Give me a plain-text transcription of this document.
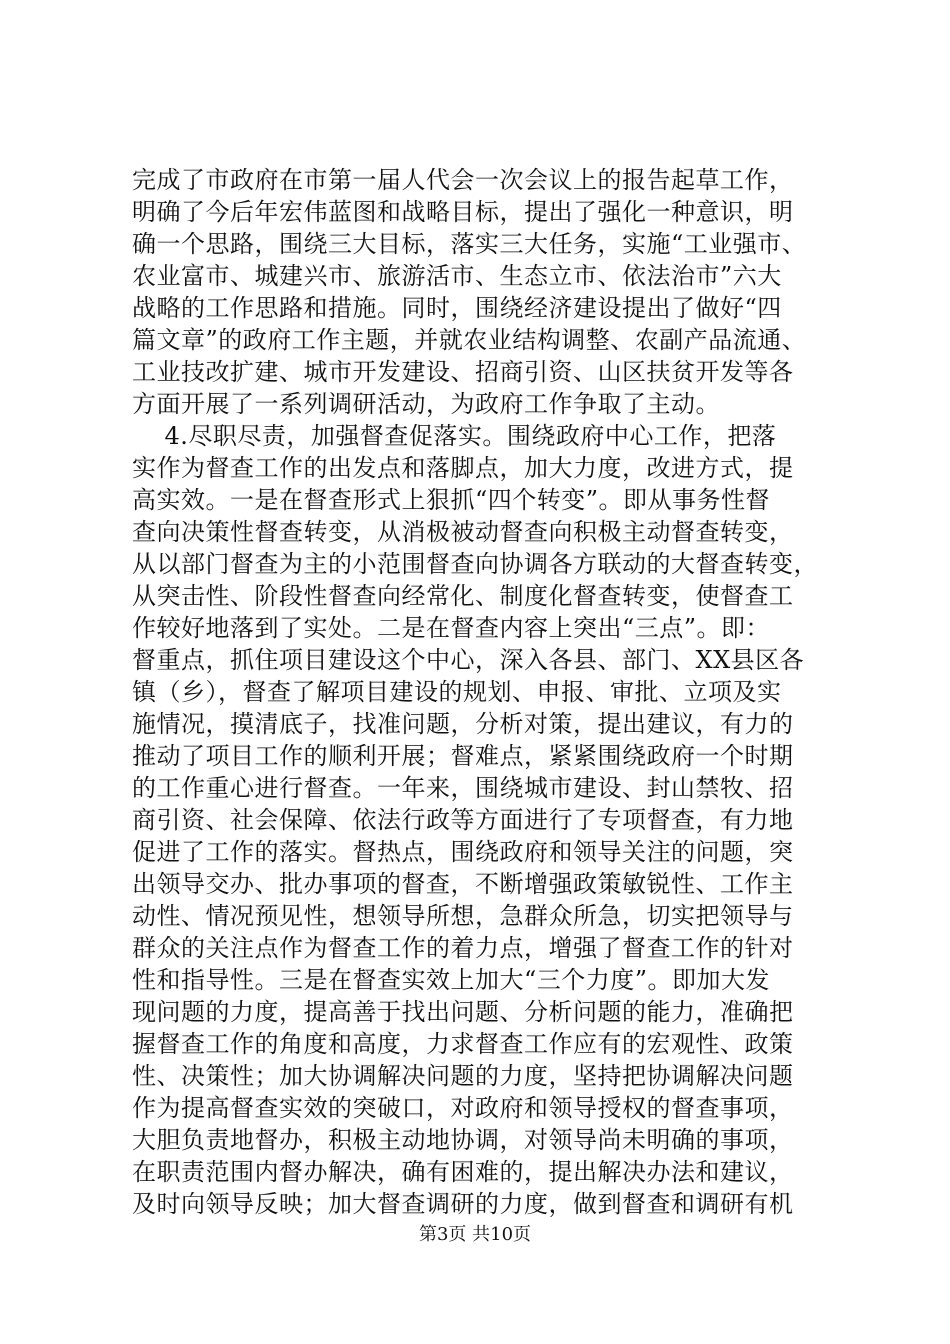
完成了市政府在市第一届人代会一次会议上的报告起草工作，
明确了今后年宏伟蓝图和战略目标，提出了强化一种意识，明
确一个思路，围绕三大目标，落实三大任务，实施“工业强市、
农业富市、城建兴市、旅游活市、生态立市、依法治市”六大
战略的工作思路和措施。同时，围绕经济建设提出了做好“四
篇文章”的政府工作主题，并就农业结构调整、农副产品流通、
工业技改扩建、城市开发建设、招商引资、山区扶贫开发等各
方面开展了一系列调研活动，为政府工作争取了主动。
4.尽职尽责，加强督查促落实。围绕政府中心工作，把落
实作为督查工作的出发点和落脚点，加大力度，改进方式，提
高实效。一是在督查形式上狠抓“四个转变”。即从事务性督
查向决策性督查转变，从消极被动督查向积极主动督查转变，
从以部门督查为主的小范围督查向协调各方联动的大督查转变，
从突击性、阶段性督查向经常化、制度化督查转变，使督查工
作较好地落到了实处。二是在督查内容上突出“三点”。即：
督重点，抓住项目建设这个中心，深入各县、部门、XX县区各
镇（乡），督查了解项目建设的规划、申报、审批、立项及实
施情况，摸清底子，找准问题，分析对策，提出建议，有力的
推动了项目工作的顺利开展；督难点，紧紧围绕政府一个时期
的工作重心进行督查。一年来，围绕城市建设、封山禁牧、招
商引资、社会保障、依法行政等方面进行了专项督查，有力地
促进了工作的落实。督热点，围绕政府和领导关注的问题，突
出领导交办、批办事项的督查，不断增强政策敏锐性、工作主
动性、情况预见性，想领导所想，急群众所急，切实把领导与
群众的关注点作为督查工作的着力点，增强了督查工作的针对
性和指导性。三是在督查实效上加大“三个力度”。即加大发
现问题的力度，提高善于找出问题、分析问题的能力，准确把
握督查工作的角度和高度，力求督查工作应有的宏观性、政策
性、决策性；加大协调解决问题的力度，坚持把协调解决问题
作为提高督查实效的突破口，对政府和领导授权的督查事项，
大胆负责地督办，积极主动地协调，对领导尚未明确的事项，
在职责范围内督办解决，确有困难的，提出解决办法和建议，
及时向领导反映；加大督查调研的力度，做到督查和调研有机
第3页 共10页
